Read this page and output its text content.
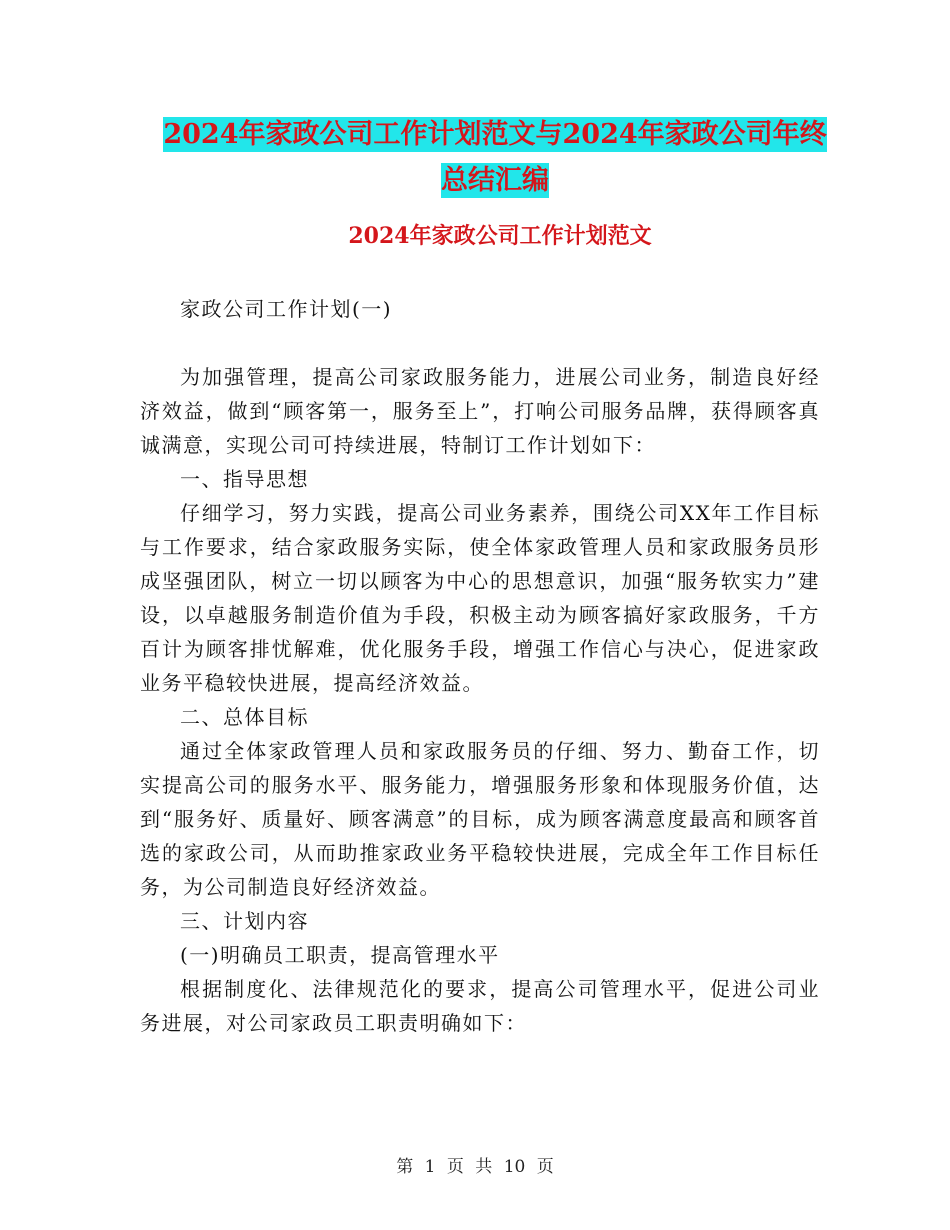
2024年家政公司工作计划范文与2024年家政公司年终
总结汇编
2024年家政公司工作计划范文

家政公司工作计划(一)

为加强管理，提高公司家政服务能力，进展公司业务，制造良好经济效益，做到“顾客第一，服务至上”，打响公司服务品牌，获得顾客真诚满意，实现公司可持续进展，特制订工作计划如下：

一、指导思想

仔细学习，努力实践，提高公司业务素养，围绕公司XX年工作目标与工作要求，结合家政服务实际，使全体家政管理人员和家政服务员形成坚强团队，树立一切以顾客为中心的思想意识，加强“服务软实力”建设，以卓越服务制造价值为手段，积极主动为顾客搞好家政服务，千方百计为顾客排忧解难，优化服务手段，增强工作信心与决心，促进家政业务平稳较快进展，提高经济效益。

二、总体目标

通过全体家政管理人员和家政服务员的仔细、努力、勤奋工作，切实提高公司的服务水平、服务能力，增强服务形象和体现服务价值，达到“服务好、质量好、顾客满意”的目标，成为顾客满意度最高和顾客首选的家政公司，从而助推家政业务平稳较快进展，完成全年工作目标任务，为公司制造良好经济效益。

三、计划内容

(一)明确员工职责，提高管理水平

根据制度化、法律规范化的要求，提高公司管理水平，促进公司业务进展，对公司家政员工职责明确如下：

第 1 页 共 10 页
